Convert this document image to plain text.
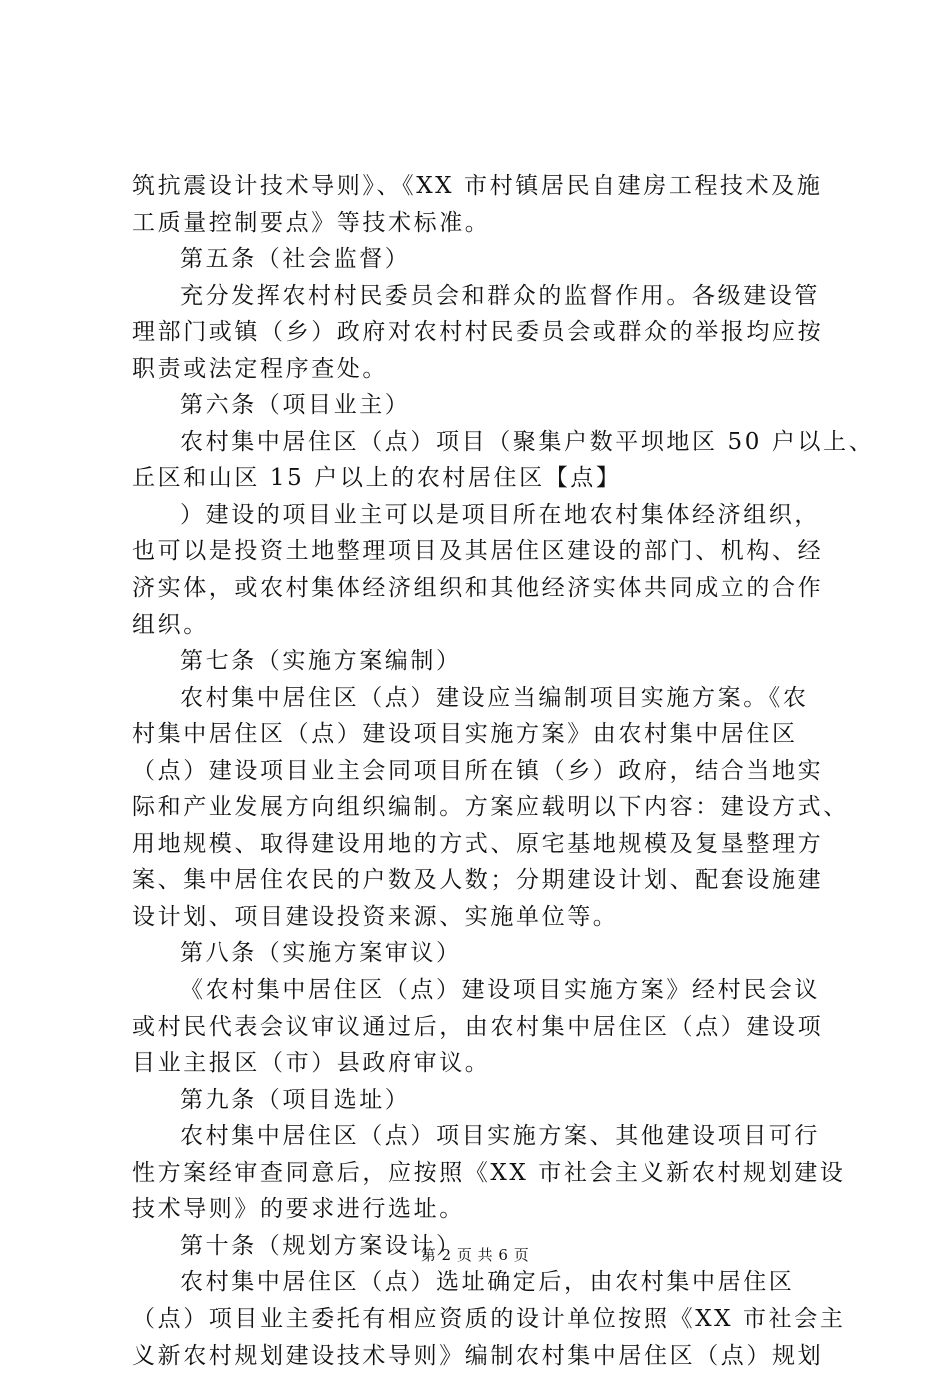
筑抗震设计技术导则》、《XX 市村镇居民自建房工程技术及施
工质量控制要点》等技术标准。
第五条（社会监督）
充分发挥农村村民委员会和群众的监督作用。各级建设管
理部门或镇（乡）政府对农村村民委员会或群众的举报均应按
职责或法定程序查处。
第六条（项目业主）
农村集中居住区（点）项目（聚集户数平坝地区 50 户以上、
丘区和山区 15 户以上的农村居住区【点】
）建设的项目业主可以是项目所在地农村集体经济组织，
也可以是投资土地整理项目及其居住区建设的部门、机构、经
济实体，或农村集体经济组织和其他经济实体共同成立的合作
组织。
第七条（实施方案编制）
农村集中居住区（点）建设应当编制项目实施方案。《农
村集中居住区（点）建设项目实施方案》由农村集中居住区
（点）建设项目业主会同项目所在镇（乡）政府，结合当地实
际和产业发展方向组织编制。方案应载明以下内容：建设方式、
用地规模、取得建设用地的方式、原宅基地规模及复垦整理方
案、集中居住农民的户数及人数；分期建设计划、配套设施建
设计划、项目建设投资来源、实施单位等。
第八条（实施方案审议）
《农村集中居住区（点）建设项目实施方案》经村民会议
或村民代表会议审议通过后，由农村集中居住区（点）建设项
目业主报区（市）县政府审议。
第九条（项目选址）
农村集中居住区（点）项目实施方案、其他建设项目可行
性方案经审查同意后，应按照《XX 市社会主义新农村规划建设
技术导则》的要求进行选址。
第十条（规划方案设计）
农村集中居住区（点）选址确定后，由农村集中居住区
（点）项目业主委托有相应资质的设计单位按照《XX 市社会主
义新农村规划建设技术导则》编制农村集中居住区（点）规划
第 2 页 共 6 页
